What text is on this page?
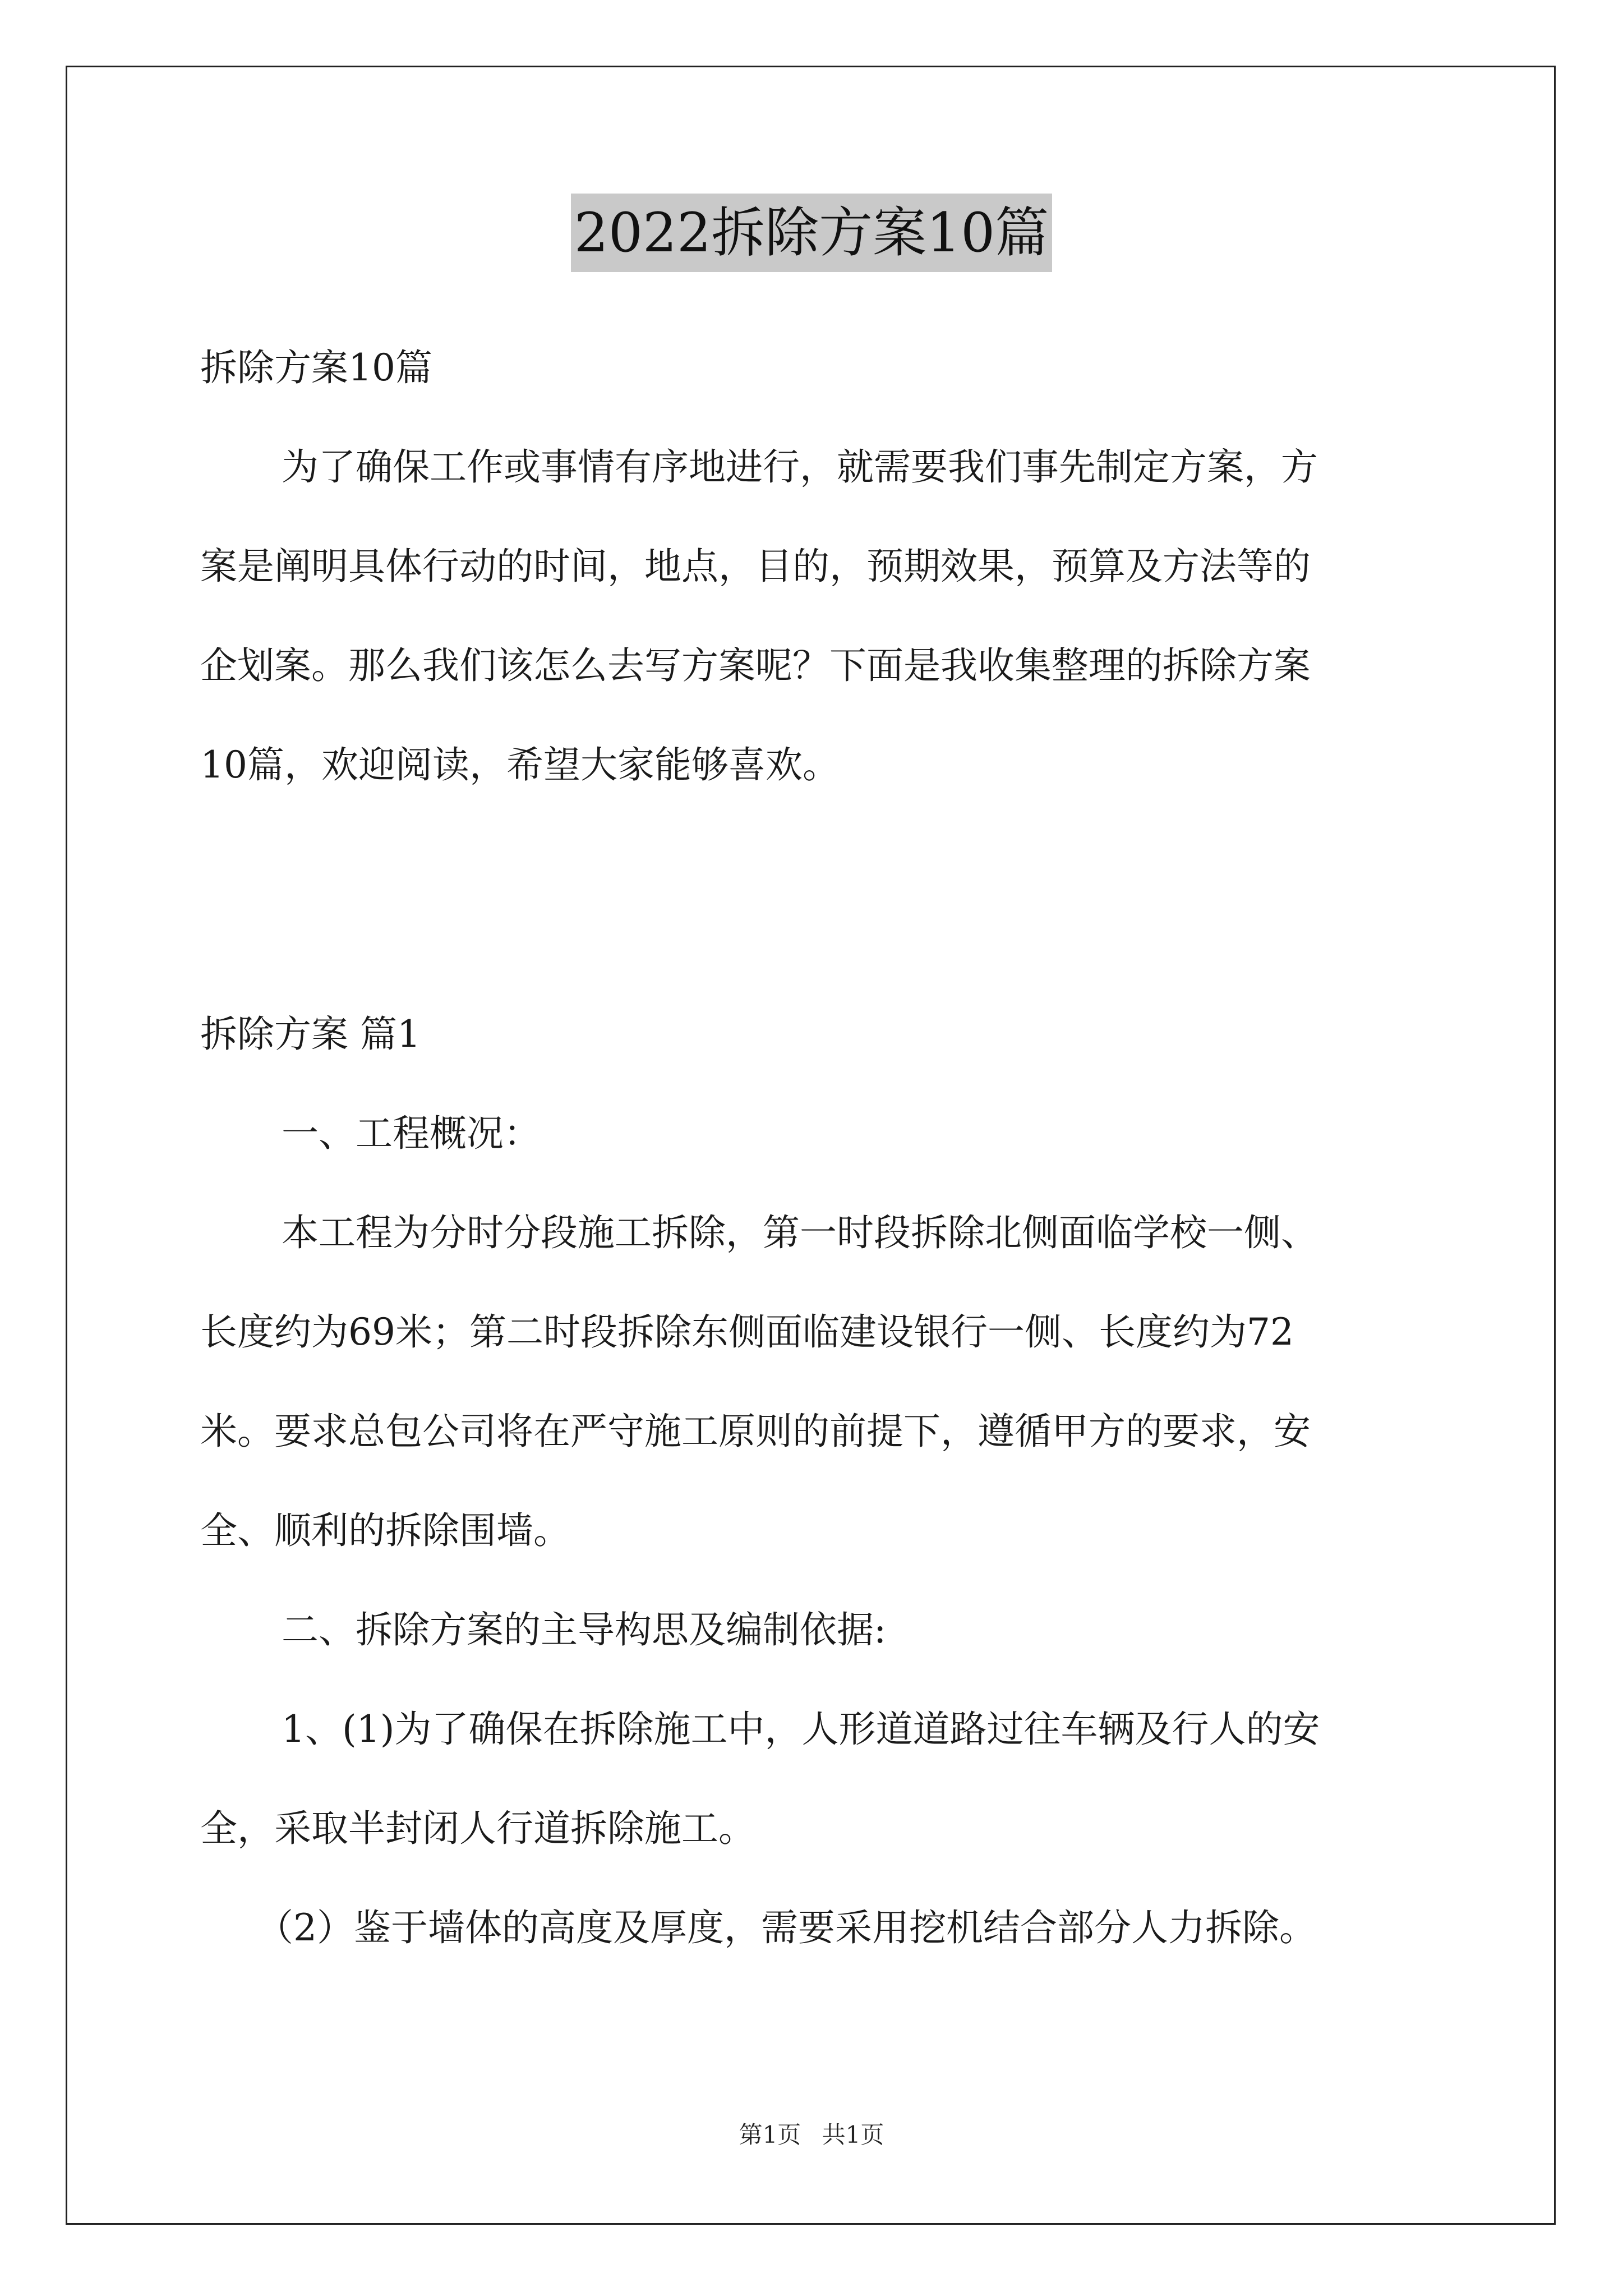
2022拆除方案10篇
拆除方案10篇
为了确保工作或事情有序地进行，就需要我们事先制定方案，方
案是阐明具体行动的时间，地点，目的，预期效果，预算及方法等的
企划案。那么我们该怎么去写方案呢？下面是我收集整理的拆除方案
10篇，欢迎阅读，希望大家能够喜欢。
拆除方案 篇1
一、工程概况：
本工程为分时分段施工拆除，第一时段拆除北侧面临学校一侧、
长度约为69米；第二时段拆除东侧面临建设银行一侧、长度约为72
米。要求总包公司将在严守施工原则的前提下，遵循甲方的要求，安
全、顺利的拆除围墙。
二、拆除方案的主导构思及编制依据:
1、(1)为了确保在拆除施工中，人形道道路过往车辆及行人的安
全，采取半封闭人行道拆除施工。
（2）鉴于墙体的高度及厚度，需要采用挖机结合部分人力拆除。
第1页 共1页
